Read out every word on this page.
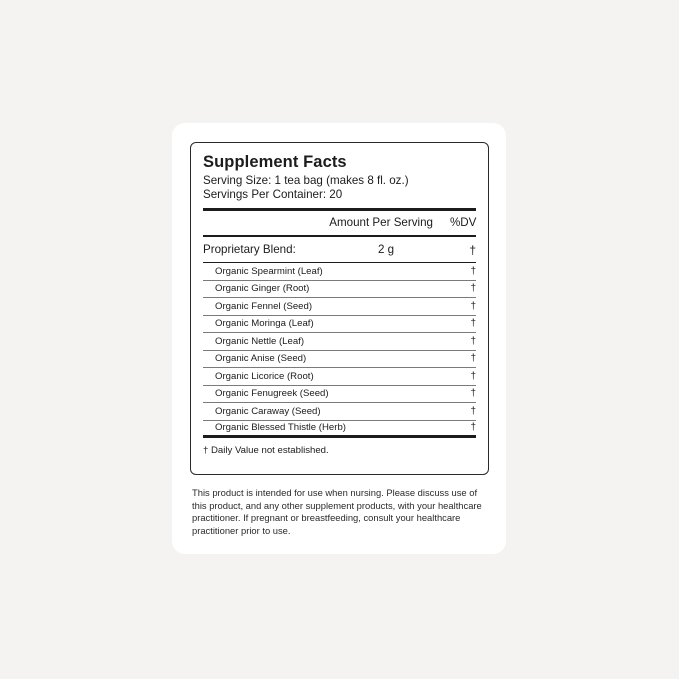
Supplement Facts
Serving Size: 1 tea bag (makes 8 fl. oz.)
Servings Per Container: 20
Amount Per Serving %DV
Proprietary Blend:	2 g	†
Organic Spearmint (Leaf)	†
Organic Ginger (Root)	†
Organic Fennel (Seed)	†
Organic Moringa (Leaf)	†
Organic Nettle (Leaf)	†
Organic Anise (Seed)	†
Organic Licorice (Root)	†
Organic Fenugreek (Seed)	†
Organic Caraway (Seed)	†
Organic Blessed Thistle (Herb)	†
† Daily Value not established.
This product is intended for use when nursing. Please discuss use of this product, and any other supplement products, with your healthcare practitioner. If pregnant or breastfeeding, consult your healthcare practitioner prior to use.
